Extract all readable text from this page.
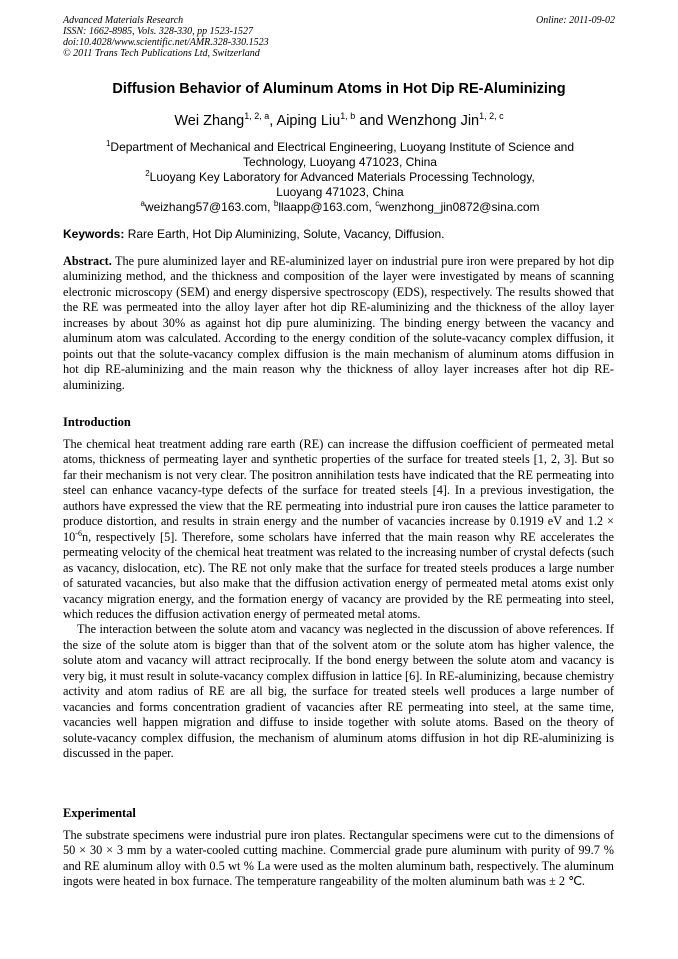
Advanced Materials Research
ISSN: 1662-8985, Vols. 328-330, pp 1523-1527
doi:10.4028/www.scientific.net/AMR.328-330.1523
© 2011 Trans Tech Publications Ltd, Switzerland
Online: 2011-09-02
Diffusion Behavior of Aluminum Atoms in Hot Dip RE-Aluminizing
Wei Zhang$^{1, 2, a}$, Aiping Liu$^{1, b}$ and Wenzhong Jin$^{1, 2, c}$
$^1$Department of Mechanical and Electrical Engineering, Luoyang Institute of Science and
Technology, Luoyang 471023, China
$^2$Luoyang Key Laboratory for Advanced Materials Processing Technology,
Luoyang 471023, China
$^a$weizhang57@163.com, $^b$llaapp@163.com, $^c$wenzhong_jin0872@sina.com
Keywords: Rare Earth, Hot Dip Aluminizing, Solute, Vacancy, Diffusion.

Abstract. The pure aluminized layer and RE-aluminized layer on industrial pure iron were prepared by hot dip aluminizing method, and the thickness and composition of the layer were investigated by means of scanning electronic microscopy (SEM) and energy dispersive spectroscopy (EDS), respectively. The results showed that the RE was permeated into the alloy layer after hot dip RE-aluminizing and the thickness of the alloy layer increases by about 30% as against hot dip pure aluminizing. The binding energy between the vacancy and aluminum atom was calculated. According to the energy condition of the solute-vacancy complex diffusion, it points out that the solute-vacancy complex diffusion is the main mechanism of aluminum atoms diffusion in hot dip RE-aluminizing and the main reason why the thickness of alloy layer increases after hot dip RE-aluminizing.

Introduction

The chemical heat treatment adding rare earth (RE) can increase the diffusion coefficient of permeated metal atoms, thickness of permeating layer and synthetic properties of the surface for treated steels [1, 2, 3]. But so far their mechanism is not very clear. The positron annihilation tests have indicated that the RE permeating into steel can enhance vacancy-type defects of the surface for treated steels [4]. In a previous investigation, the authors have expressed the view that the RE permeating into industrial pure iron causes the lattice parameter to produce distortion, and results in strain energy and the number of vacancies increase by 0.1919 eV and $1.2 \times 10^{-6}n$, respectively [5]. Therefore, some scholars have inferred that the main reason why RE accelerates the permeating velocity of the chemical heat treatment was related to the increasing number of crystal defects (such as vacancy, dislocation, etc). The RE not only make that the surface for treated steels produces a large number of saturated vacancies, but also make that the diffusion activation energy of permeated metal atoms exist only vacancy migration energy, and the formation energy of vacancy are provided by the RE permeating into steel, which reduces the diffusion activation energy of permeated metal atoms.

The interaction between the solute atom and vacancy was neglected in the discussion of above references. If the size of the solute atom is bigger than that of the solvent atom or the solute atom has higher valence, the solute atom and vacancy will attract reciprocally. If the bond energy between the solute atom and vacancy is very big, it must result in solute-vacancy complex diffusion in lattice [6]. In RE-aluminizing, because chemistry activity and atom radius of RE are all big, the surface for treated steels well produces a large number of vacancies and forms concentration gradient of vacancies after RE permeating into steel, at the same time, vacancies well happen migration and diffuse to inside together with solute atoms. Based on the theory of solute-vacancy complex diffusion, the mechanism of aluminum atoms diffusion in hot dip RE-aluminizing is discussed in the paper.

Experimental

The substrate specimens were industrial pure iron plates. Rectangular specimens were cut to the dimensions of 50 × 30 × 3 mm by a water-cooled cutting machine. Commercial grade pure aluminum with purity of 99.7 % and RE aluminum alloy with 0.5 wt % La were used as the molten aluminum bath, respectively. The aluminum ingots were heated in box furnace. The temperature rangeability of the molten aluminum bath was ± 2 ℃.
